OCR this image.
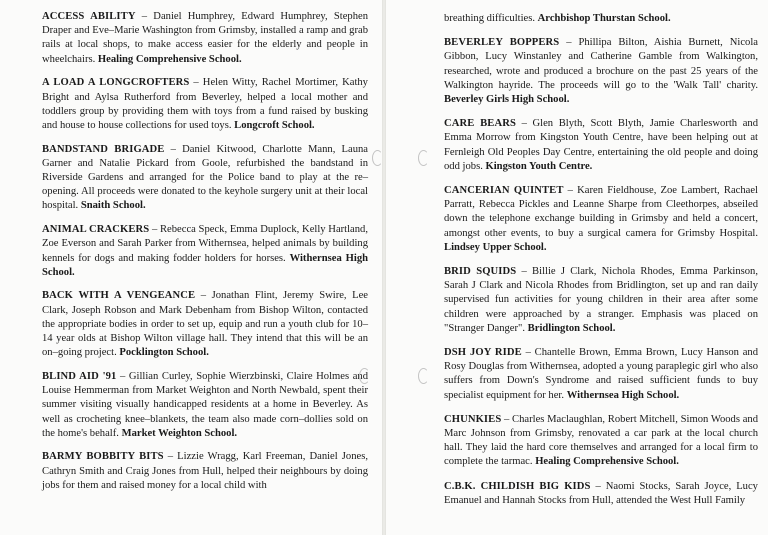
ACCESS ABILITY – Daniel Humphrey, Edward Humphrey, Stephen Draper and Eve–Marie Washington from Grimsby, installed a ramp and grab rails at local shops, to make access easier for the elderly and people in wheelchairs. Healing Comprehensive School.

A LOAD A LONGCROFTERS – Helen Witty, Rachel Mortimer, Kathy Bright and Aylsa Rutherford from Beverley, helped a local mother and toddlers group by providing them with toys from a fund raised by busking and house to house collections for used toys. Longcroft School.

BANDSTAND BRIGADE – Daniel Kitwood, Charlotte Mann, Launa Garner and Natalie Pickard from Goole, refurbished the bandstand in Riverside Gardens and arranged for the Police band to play at the re–opening. All proceeds were donated to the keyhole surgery unit at their local hospital. Snaith School.

ANIMAL CRACKERS – Rebecca Speck, Emma Duplock, Kelly Hartland, Zoe Everson and Sarah Parker from Withernsea, helped animals by building kennels for dogs and making fodder holders for horses. Withernsea High School.

BACK WITH A VENGEANCE – Jonathan Flint, Jeremy Swire, Lee Clark, Joseph Robson and Mark Debenham from Bishop Wilton, contacted the appropriate bodies in order to set up, equip and run a youth club for 10–14 year olds at Bishop Wilton village hall. They intend that this will be an on–going project. Pocklington School.

BLIND AID '91 – Gillian Curley, Sophie Wierzbinski, Claire Holmes and Louise Hemmerman from Market Weighton and North Newbald, spent their summer visiting visually handicapped residents at a home in Beverley. As well as crocheting knee–blankets, the team also made corn–dollies sold on the home's behalf. Market Weighton School.

BARMY BOBBITY BITS – Lizzie Wragg, Karl Freeman, Daniel Jones, Cathryn Smith and Craig Jones from Hull, helped their neighbours by doing jobs for them and raised money for a local child with

breathing difficulties. Archbishop Thurstan School.

BEVERLEY BOPPERS – Phillipa Bilton, Aishia Burnett, Nicola Gibbon, Lucy Winstanley and Catherine Gamble from Walkington, researched, wrote and produced a brochure on the past 25 years of the Walkington hayride. The proceeds will go to the 'Walk Tall' charity. Beverley Girls High School.

CARE BEARS – Glen Blyth, Scott Blyth, Jamie Charlesworth and Emma Morrow from Kingston Youth Centre, have been helping out at Fernleigh Old Peoples Day Centre, entertaining the old people and doing odd jobs. Kingston Youth Centre.

CANCERIAN QUINTET – Karen Fieldhouse, Zoe Lambert, Rachael Parratt, Rebecca Pickles and Leanne Sharpe from Cleethorpes, abseiled down the telephone exchange building in Grimsby and held a concert, amongst other events, to buy a surgical camera for Grimsby Hospital. Lindsey Upper School.

BRID SQUIDS – Billie J Clark, Nichola Rhodes, Emma Parkinson, Sarah J Clark and Nicola Rhodes from Bridlington, set up and ran daily supervised fun activities for young children in their area after some children were approached by a stranger. Emphasis was placed on "Stranger Danger". Bridlington School.

DSH JOY RIDE – Chantelle Brown, Emma Brown, Lucy Hanson and Rosy Douglas from Withernsea, adopted a young paraplegic girl who also suffers from Down's Syndrome and raised sufficient funds to buy specialist equipment for her. Withernsea High School.

CHUNKIES – Charles Maclaughlan, Robert Mitchell, Simon Woods and Marc Johnson from Grimsby, renovated a car park at the local church hall. They laid the hard core themselves and arranged for a local firm to complete the tarmac. Healing Comprehensive School.

C.B.K. CHILDISH BIG KIDS – Naomi Stocks, Sarah Joyce, Lucy Emanuel and Hannah Stocks from Hull, attended the West Hull Family
